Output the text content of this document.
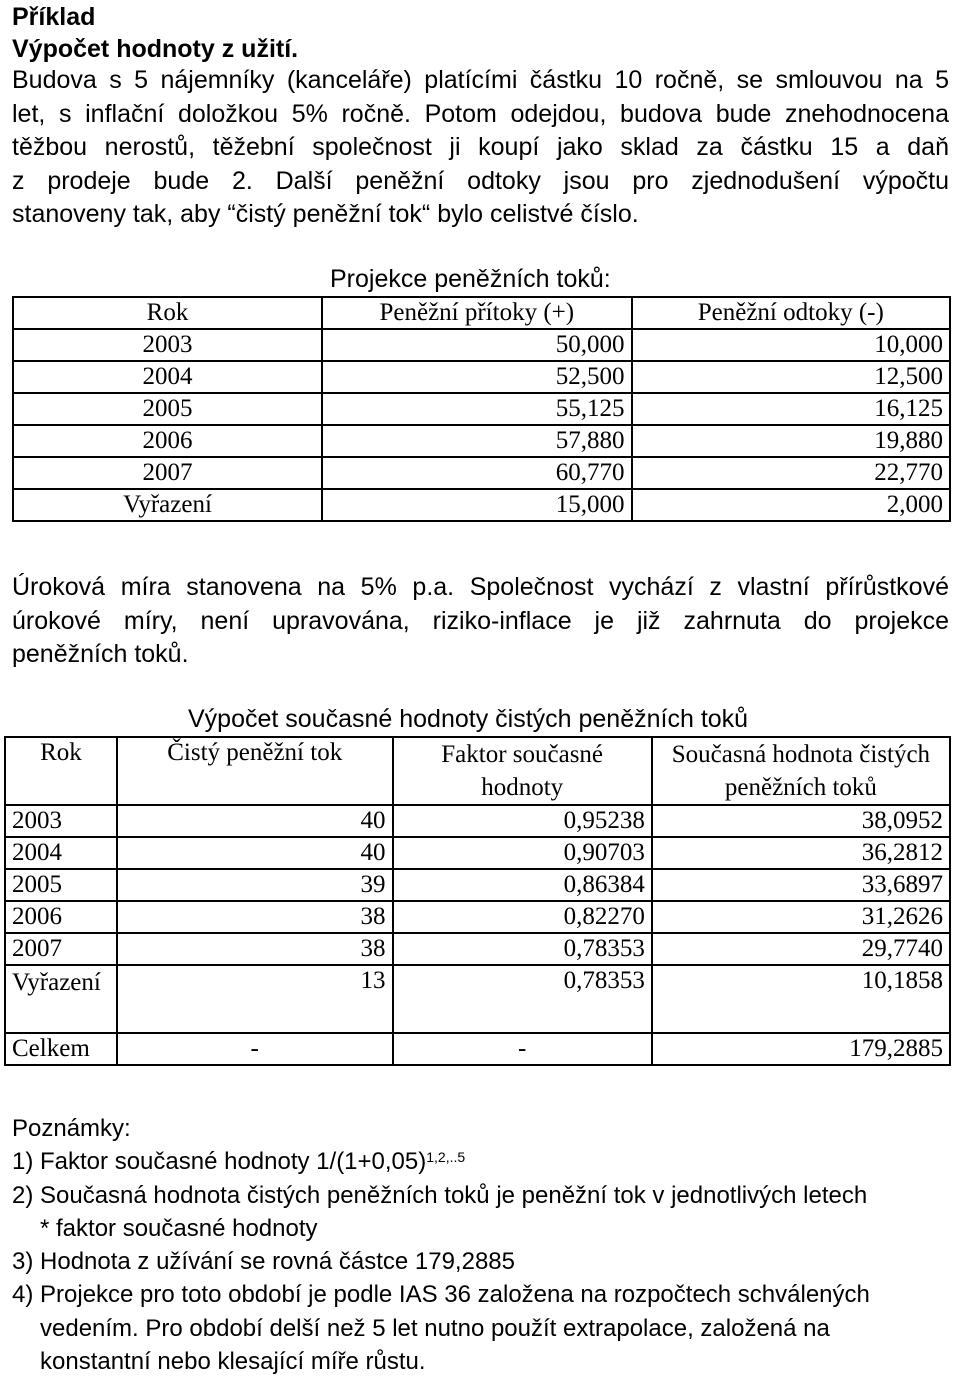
Příklad
Výpočet hodnoty z užití.
Budova s 5 nájemníky (kanceláře) platícími částku 10 ročně, se smlouvou na 5
let, s inflační doložkou 5% ročně. Potom odejdou, budova bude znehodnocena
těžbou nerostů, těžební společnost ji koupí jako sklad za částku 15 a daň
z prodeje bude 2. Další peněžní odtoky jsou pro zjednodušení výpočtu
stanoveny tak, aby “čistý peněžní tok“ bylo celistvé číslo.
Projekce peněžních toků:
Rok	Peněžní přítoky (+)	Peněžní odtoky (-)
2003	50,000	10,000
2004	52,500	12,500
2005	55,125	16,125
2006	57,880	19,880
2007	60,770	22,770
Vyřazení	15,000	2,000
Úroková míra stanovena na 5% p.a. Společnost vychází z vlastní přírůstkové
úrokové míry, není upravována, riziko-inflace je již zahrnuta do projekce
peněžních toků.
Výpočet současné hodnoty čistých peněžních toků
Rok	Čistý peněžní tok	Faktor současné hodnoty	Současná hodnota čistých peněžních toků
2003	40	0,95238	38,0952
2004	40	0,90703	36,2812
2005	39	0,86384	33,6897
2006	38	0,82270	31,2626
2007	38	0,78353	29,7740
Vyřazení	13	0,78353	10,1858
Celkem	-	-	179,2885
Poznámky:
1) Faktor současné hodnoty $1/(1+0,05)^{1,2,..5}$
2) Současná hodnota čistých peněžních toků je peněžní tok v jednotlivých letech
* faktor současné hodnoty
3) Hodnota z užívání se rovná částce 179,2885
4) Projekce pro toto období je podle IAS 36 založena na rozpočtech schválených
vedením. Pro období delší než 5 let nutno použít extrapolace, založená na
konstantní nebo klesající míře růstu.
